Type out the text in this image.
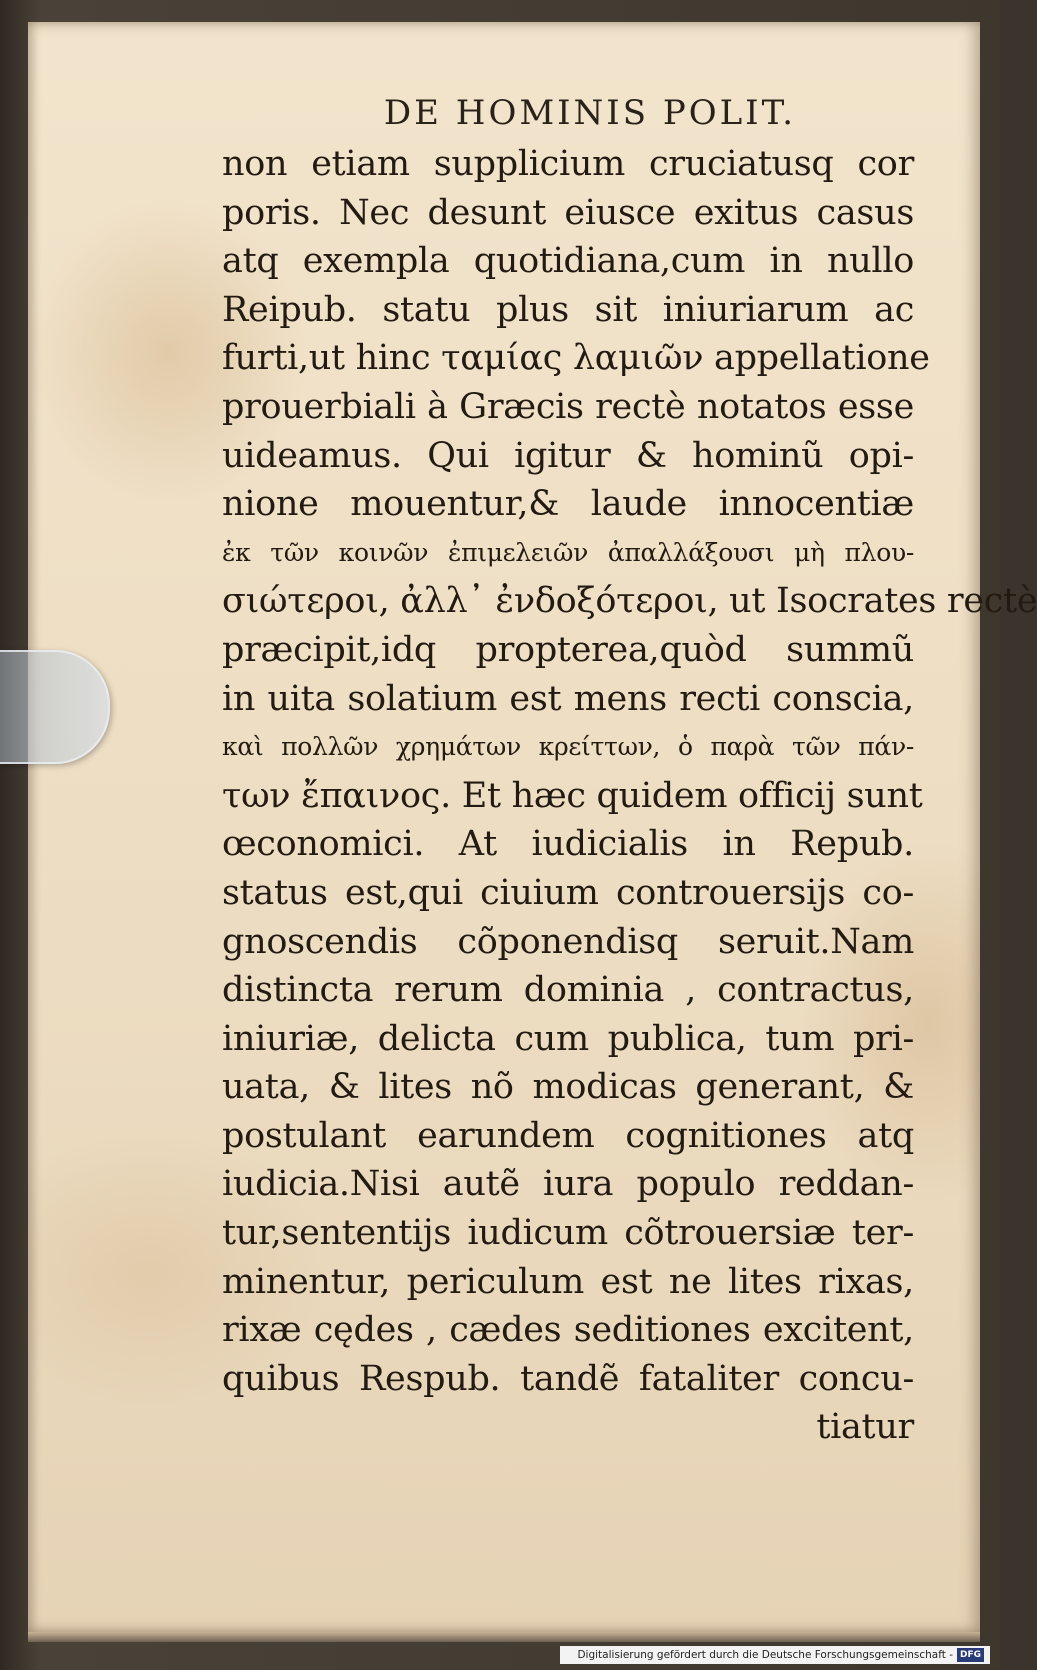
DE HOMINIS POLIT.
non etiam supplicium cruciatusq cor
poris. Nec desunt eiusce exitus casus
atq exempla quotidiana,cum in nullo
Reipub. statu plus sit iniuriarum ac
furti,ut hinc ταμίας λαμιῶν appellatione
prouerbiali à Græcis rectè notatos esse
uideamus. Qui igitur & hominũ opi-
nione mouentur,& laude innocentiæ
ἐκ τῶν κοινῶν ἐπιμελειῶν ἀπαλλάξουσι μὴ πλου-
σιώτεροι, ἀλλ᾽ ἐνδοξότεροι, ut Isocrates rectè
præcipit,idq propterea,quòd summũ
in uita solatium est mens recti conscia,
καὶ πολλῶν χρημάτων κρείττων, ὁ παρὰ τῶν πάν-
των ἔπαινος. Et hæc quidem officij sunt
œconomici. At iudicialis in Repub.
status est,qui ciuium controuersijs co-
gnoscendis cõponendisq seruit.Nam
distincta rerum dominia , contractus,
iniuriæ, delicta cum publica, tum pri-
uata, & lites nõ modicas generant, &
postulant earundem cognitiones atq
iudicia.Nisi autẽ iura populo reddan-
tur,sententijs iudicum cõtrouersiæ ter-
minentur, periculum est ne lites rixas,
rixæ cędes , cædes seditiones excitent,
quibus Respub. tandẽ fataliter concu-
tiatur
Digitalisierung gefördert durch die Deutsche Forschungsgemeinschaft - DFG
